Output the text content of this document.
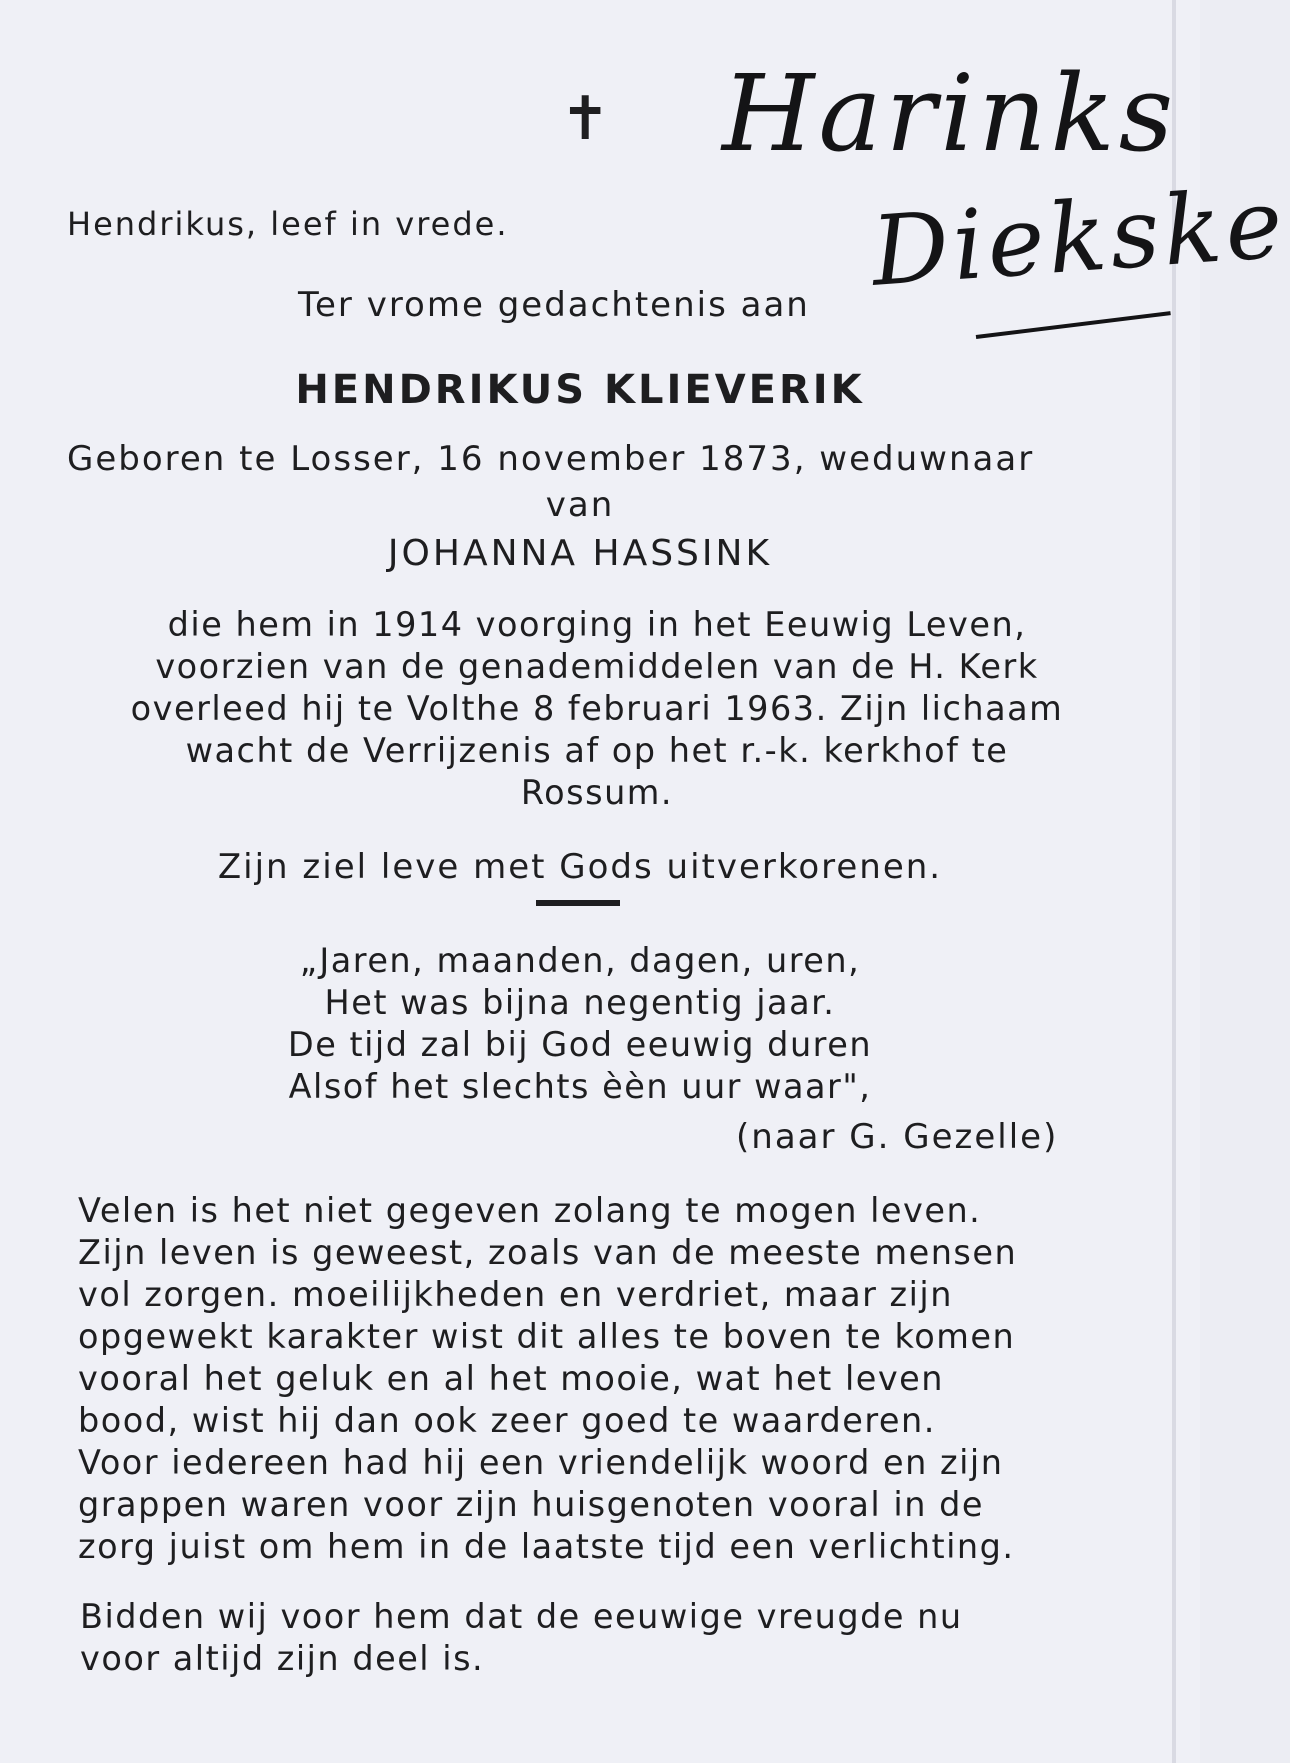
✝ Harinks
Diekske
Hendrikus, leef in vrede.
Ter vrome gedachtenis aan
HENDRIKUS KLIEVERIK
Geboren te Losser, 16 november 1873, weduwnaar
van
JOHANNA HASSINK
die hem in 1914 voorging in het Eeuwig Leven,
voorzien van de genademiddelen van de H. Kerk
overleed hij te Volthe 8 februari 1963. Zijn lichaam
wacht de Verrijzenis af op het r.-k. kerkhof te
Rossum.
Zijn ziel leve met Gods uitverkorenen.
„Jaren, maanden, dagen, uren,
Het was bijna negentig jaar.
De tijd zal bij God eeuwig duren
Alsof het slechts èèn uur waar",
(naar G. Gezelle)
Velen is het niet gegeven zolang te mogen leven.
Zijn leven is geweest, zoals van de meeste mensen
vol zorgen. moeilijkheden en verdriet, maar zijn
opgewekt karakter wist dit alles te boven te komen
vooral het geluk en al het mooie, wat het leven
bood, wist hij dan ook zeer goed te waarderen.
Voor iedereen had hij een vriendelijk woord en zijn
grappen waren voor zijn huisgenoten vooral in de
zorg juist om hem in de laatste tijd een verlichting.
Bidden wij voor hem dat de eeuwige vreugde nu
voor altijd zijn deel is.
